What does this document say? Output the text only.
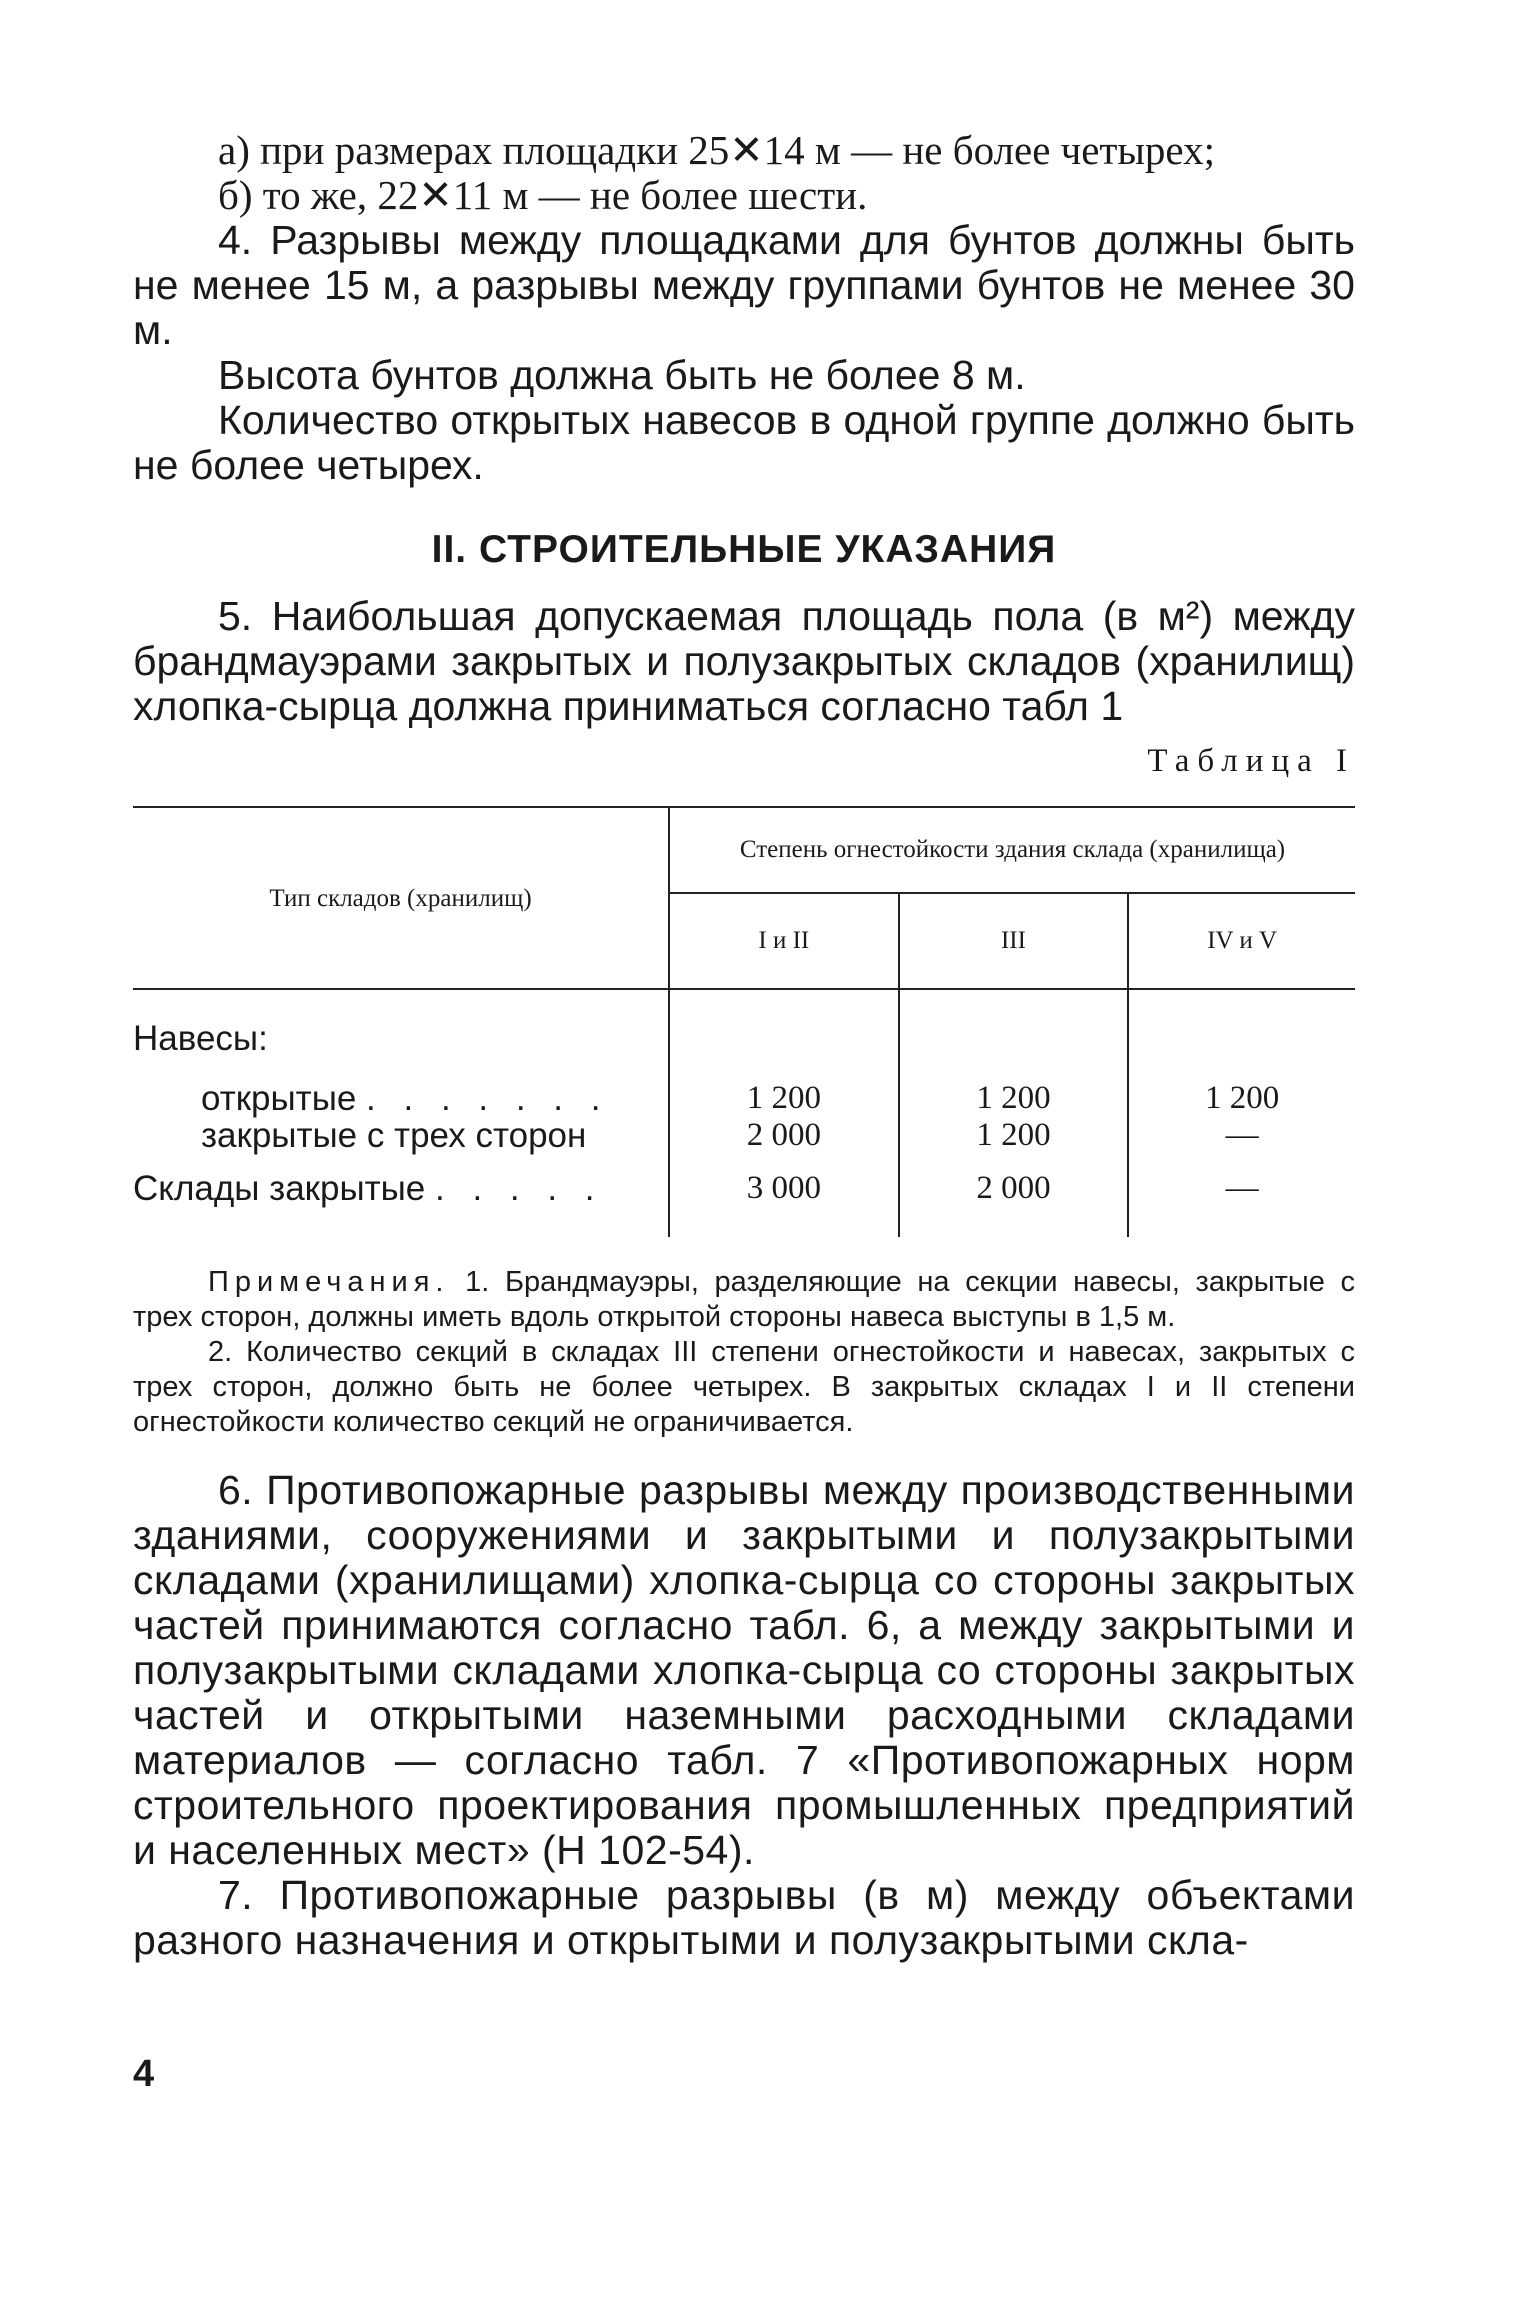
а) при размерах площадки 25✕14 м — не более четырех;

б) то же, 22✕11 м — не более шести.

4. Разрывы между площадками для бунтов должны быть не менее 15 м, а разрывы между группами бунтов не менее 30 м.

Высота бунтов должна быть не более 8 м.

Количество открытых навесов в одной группе должно быть не более четырех.

II. СТРОИТЕЛЬНЫЕ УКАЗАНИЯ

5. Наибольшая допускаемая площадь пола (в м²) между брандмауэрами закрытых и полузакрытых складов (хранилищ) хлопка-сырца должна приниматься согласно табл 1

Таблица I
Тип складов (хранилищ)	Степень огнестойкости здания склада (хранилища)		
	I и II	III	IV и V
Навесы:			
открытые . . . . . . .	1 200	1 200	1 200
закрытые с трех сторон	2 000	1 200	—
Склады закрытые . . . . .	3 000	2 000	—

Примечания. 1. Брандмауэры, разделяющие на секции навесы, закрытые с трех сторон, должны иметь вдоль открытой стороны навеса выступы в 1,5 м.

2. Количество секций в складах III степени огнестойкости и навесах, закрытых с трех сторон, должно быть не более четырех. В закрытых складах I и II степени огнестойкости количество секций не ограничивается.

6. Противопожарные разрывы между производственными зданиями, сооружениями и закрытыми и полузакрытыми складами (хранилищами) хлопка-сырца со стороны закрытых частей принимаются согласно табл. 6, а между закрытыми и полузакрытыми складами хлопка-сырца со стороны закрытых частей и открытыми наземными расходными складами материалов — согласно табл. 7 «Противопожарных норм строительного проектирования промышленных предприятий и населенных мест» (Н 102-54).

7. Противопожарные разрывы (в м) между объектами разного назначения и открытыми и полузакрытыми скла-

4
